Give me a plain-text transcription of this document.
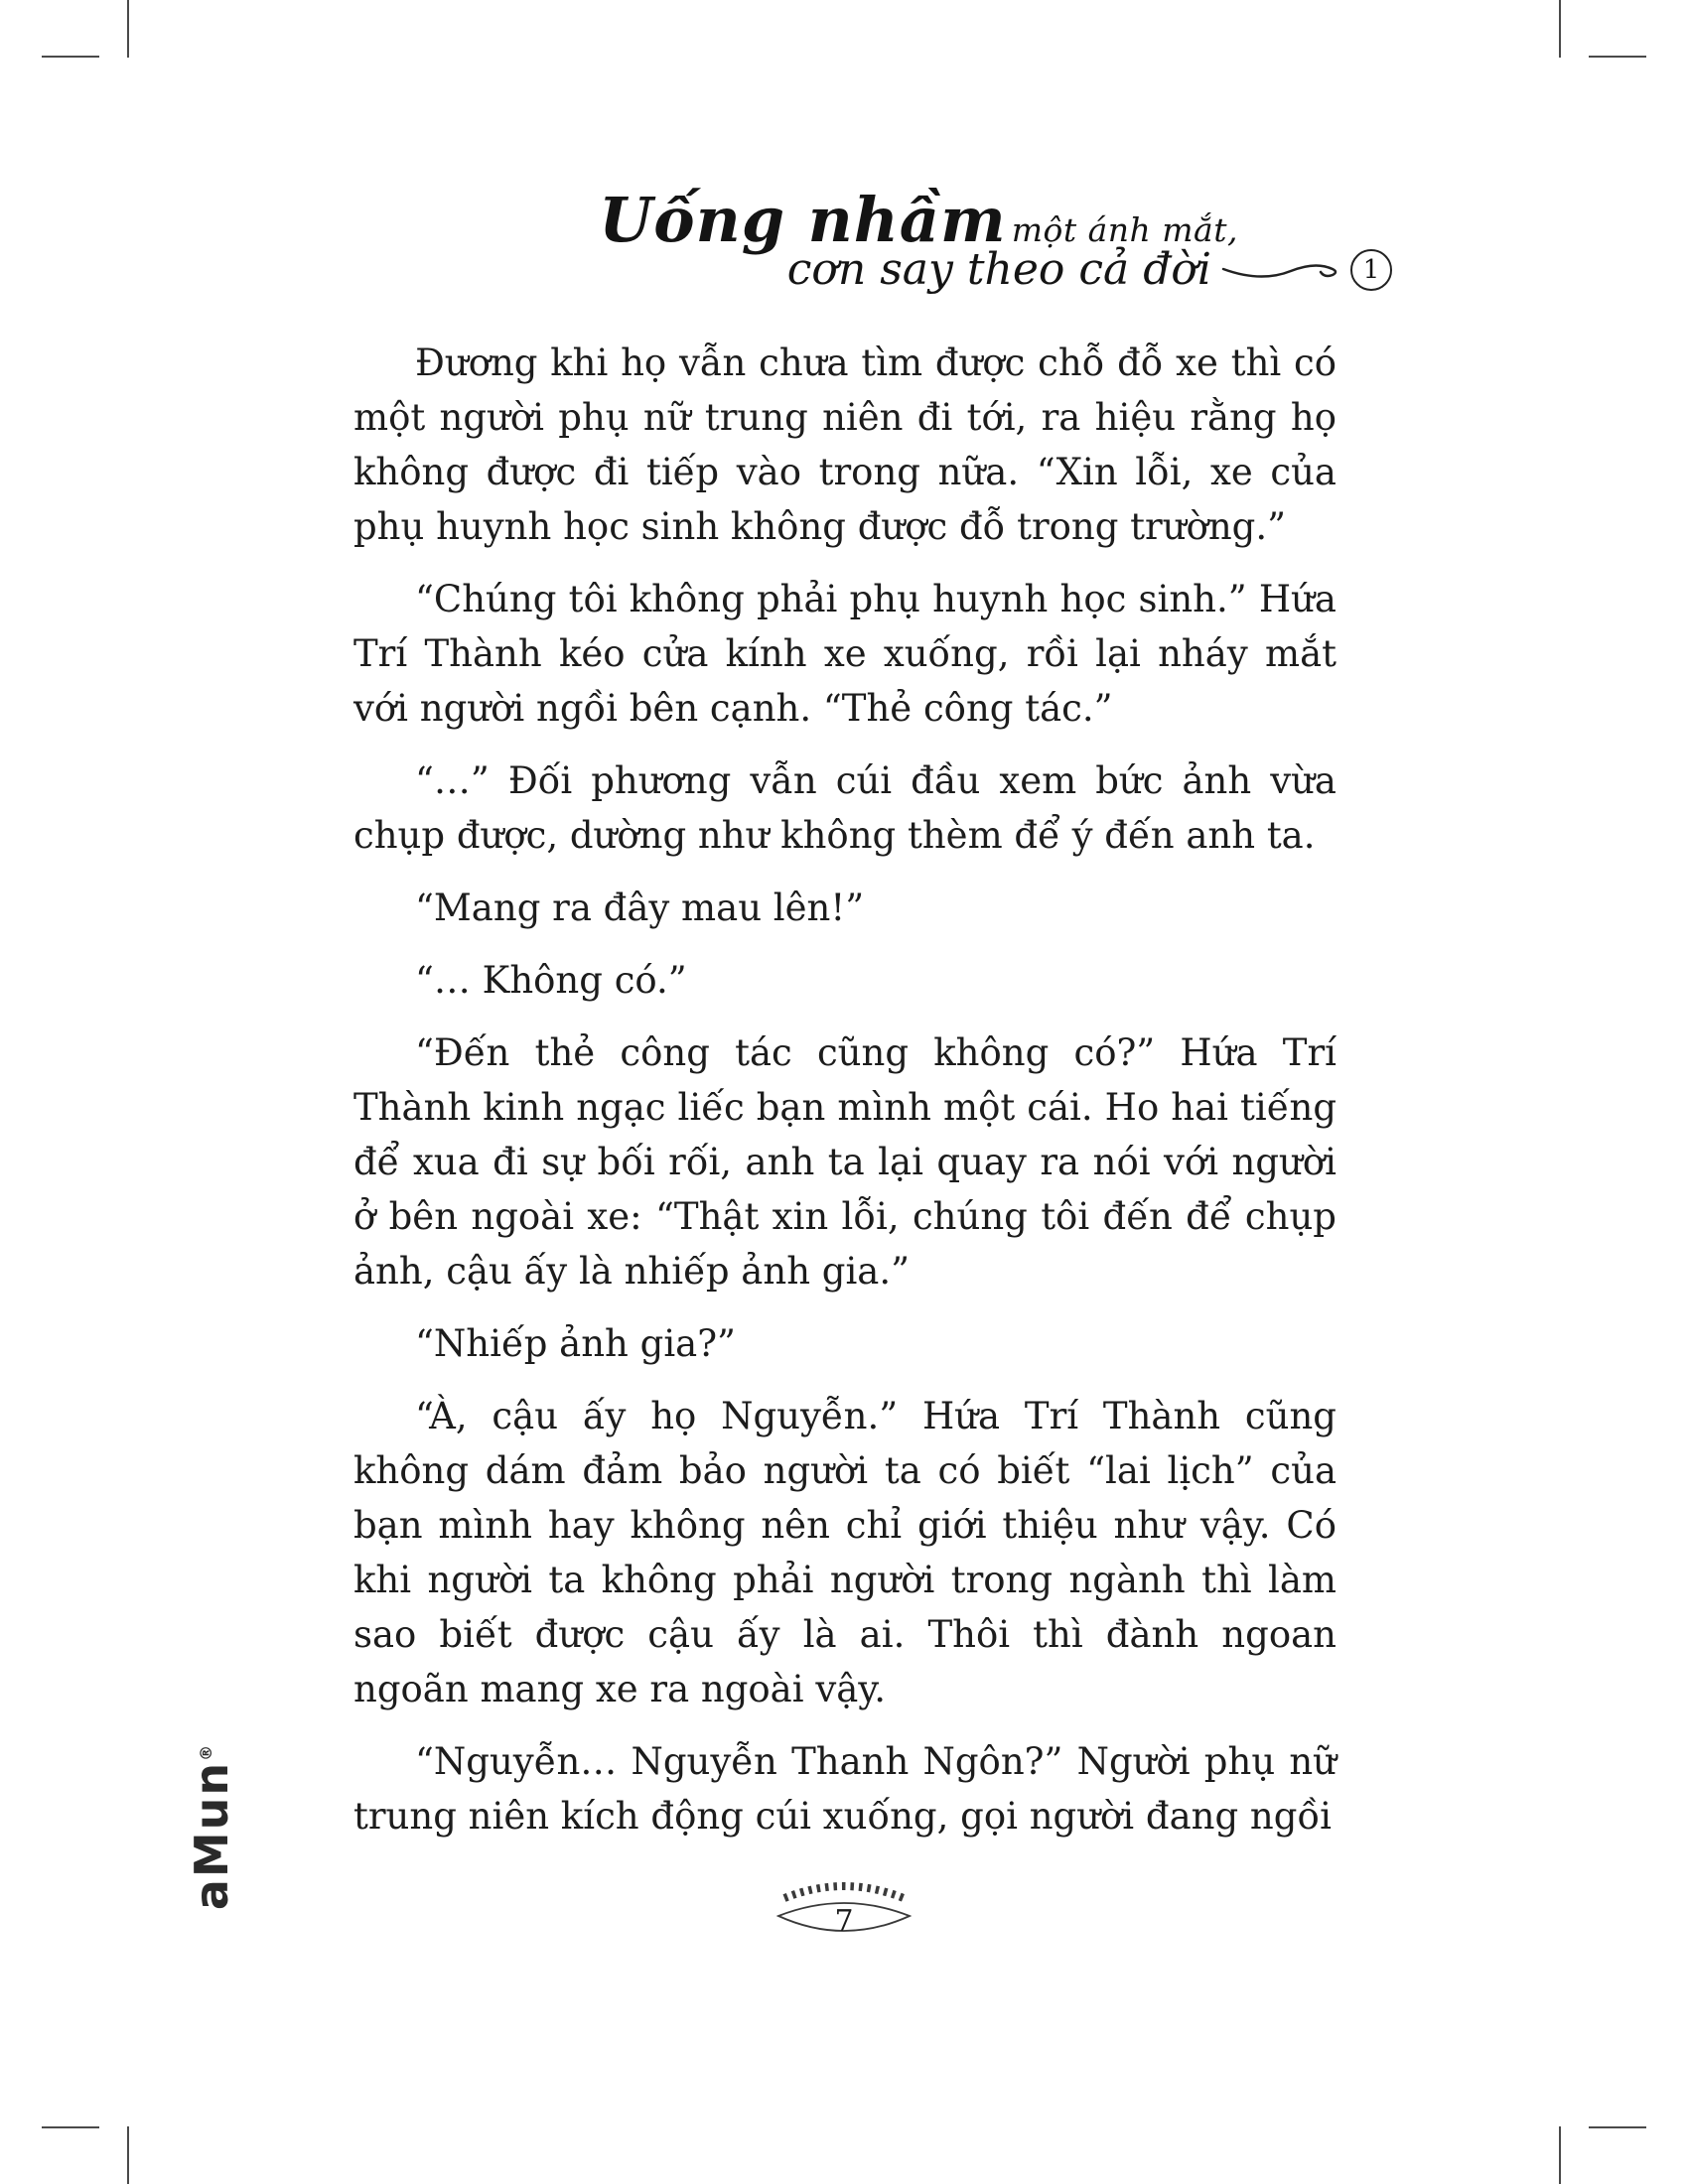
Uống nhầm một ánh mắt,
cơn say theo cả đời	1

Đương khi họ vẫn chưa tìm được chỗ đỗ xe thì có một người phụ nữ trung niên đi tới, ra hiệu rằng họ không được đi tiếp vào trong nữa. “Xin lỗi, xe của phụ huynh học sinh không được đỗ trong trường.”

“Chúng tôi không phải phụ huynh học sinh.” Hứa Trí Thành kéo cửa kính xe xuống, rồi lại nháy mắt với người ngồi bên cạnh. “Thẻ công tác.”

“…” Đối phương vẫn cúi đầu xem bức ảnh vừa chụp được, dường như không thèm để ý đến anh ta.

“Mang ra đây mau lên!”

“… Không có.”

“Đến thẻ công tác cũng không có?” Hứa Trí Thành kinh ngạc liếc bạn mình một cái. Ho hai tiếng để xua đi sự bối rối, anh ta lại quay ra nói với người ở bên ngoài xe: “Thật xin lỗi, chúng tôi đến để chụp ảnh, cậu ấy là nhiếp ảnh gia.”

“Nhiếp ảnh gia?”

“À, cậu ấy họ Nguyễn.” Hứa Trí Thành cũng không dám đảm bảo người ta có biết “lai lịch” của bạn mình hay không nên chỉ giới thiệu như vậy. Có khi người ta không phải người trong ngành thì làm sao biết được cậu ấy là ai. Thôi thì đành ngoan ngoãn mang xe ra ngoài vậy.

“Nguyễn… Nguyễn Thanh Ngôn?” Người phụ nữ trung niên kích động cúi xuống, gọi người đang ngồi

aMun®
7
